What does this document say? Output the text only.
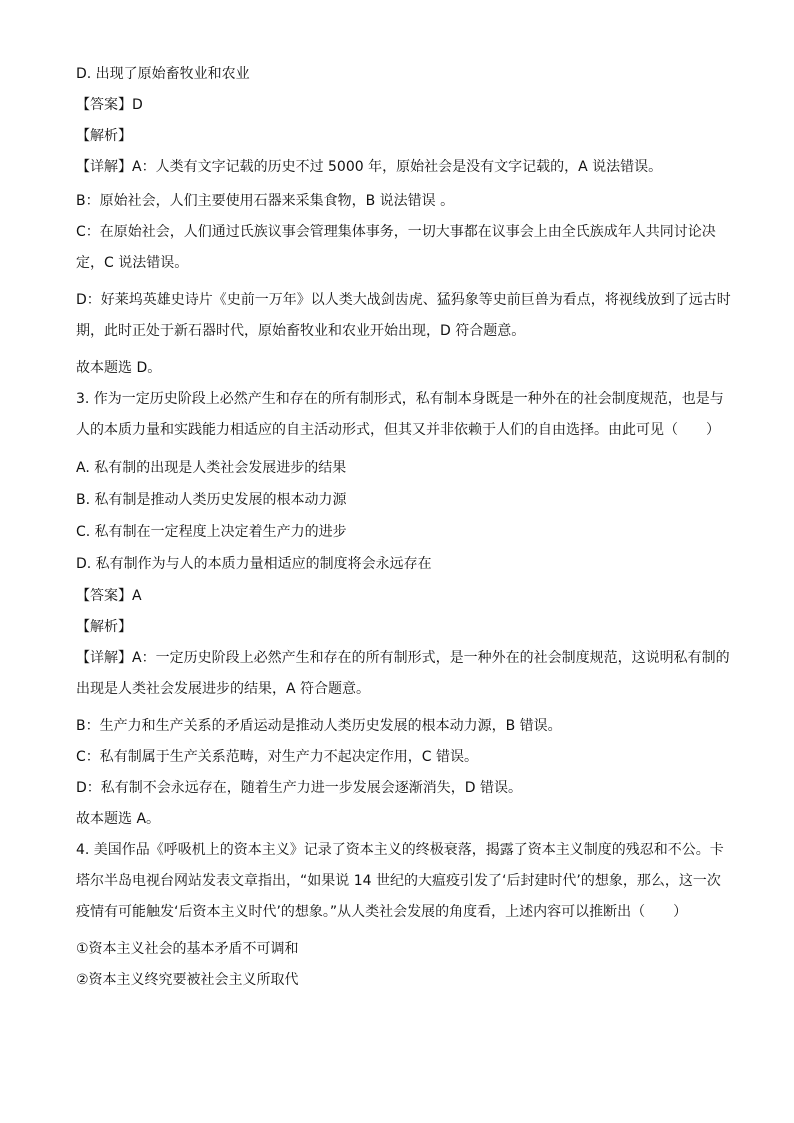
D. 出现了原始畜牧业和农业

【答案】D

【解析】

【详解】A：人类有文字记载的历史不过 5000 年，原始社会是没有文字记载的，A 说法错误。

B：原始社会，人们主要使用石器来采集食物，B 说法错误 。

C：在原始社会，人们通过氏族议事会管理集体事务，一切大事都在议事会上由全氏族成年人共同讨论决定，C 说法错误。

D：好莱坞英雄史诗片《史前一万年》以人类大战剑齿虎、猛犸象等史前巨兽为看点，将视线放到了远古时期，此时正处于新石器时代，原始畜牧业和农业开始出现，D 符合题意。

故本题选 D。

3. 作为一定历史阶段上必然产生和存在的所有制形式，私有制本身既是一种外在的社会制度规范，也是与人的本质力量和实践能力相适应的自主活动形式，但其又并非依赖于人们的自由选择。由此可见（　　）

A. 私有制的出现是人类社会发展进步的结果

B. 私有制是推动人类历史发展的根本动力源

C. 私有制在一定程度上决定着生产力的进步

D. 私有制作为与人的本质力量相适应的制度将会永远存在

【答案】A

【解析】

【详解】A：一定历史阶段上必然产生和存在的所有制形式，是一种外在的社会制度规范，这说明私有制的出现是人类社会发展进步的结果，A 符合题意。

B：生产力和生产关系的矛盾运动是推动人类历史发展的根本动力源，B 错误。

C：私有制属于生产关系范畴，对生产力不起决定作用，C 错误。

D：私有制不会永远存在，随着生产力进一步发展会逐渐消失，D 错误。

故本题选 A。

4. 美国作品《呼吸机上的资本主义》记录了资本主义的终极衰落，揭露了资本主义制度的残忍和不公。卡塔尔半岛电视台网站发表文章指出，“如果说 14 世纪的大瘟疫引发了‘后封建时代’的想象，那么，这一次疫情有可能触发‘后资本主义时代’的想象。”从人类社会发展的角度看，上述内容可以推断出（　　）

①资本主义社会的基本矛盾不可调和

②资本主义终究要被社会主义所取代
